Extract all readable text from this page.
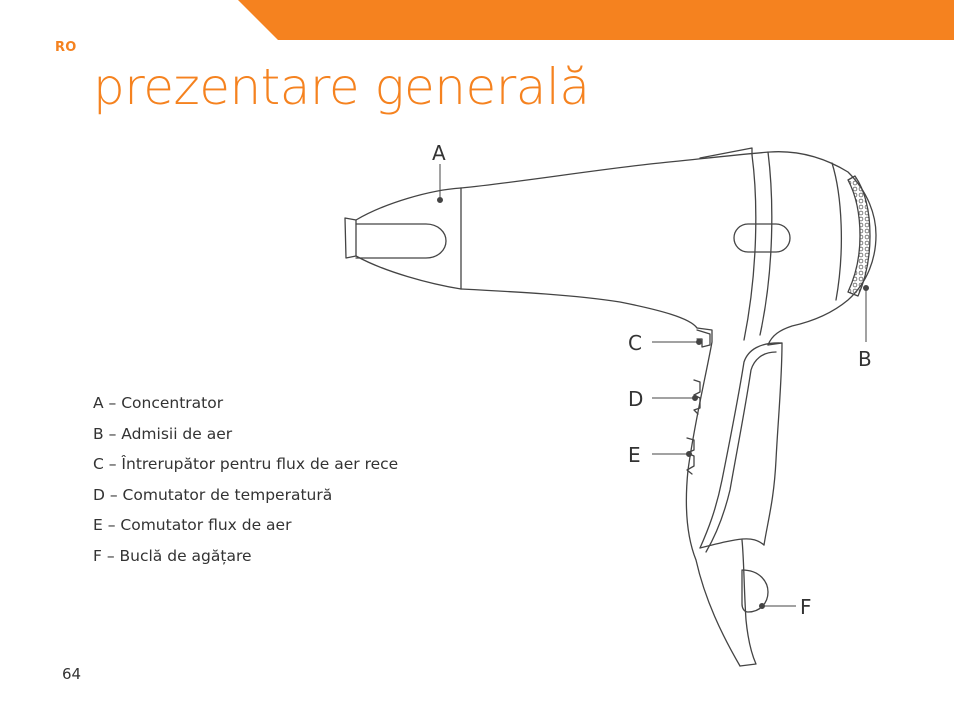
RO
prezentare generală
A
B
C
D
E
F
A – Concentrator
B – Admisii de aer
C – Întrerupător pentru flux de aer rece
D – Comutator de temperatură
E – Comutator flux de aer
F – Buclă de agățare
64
